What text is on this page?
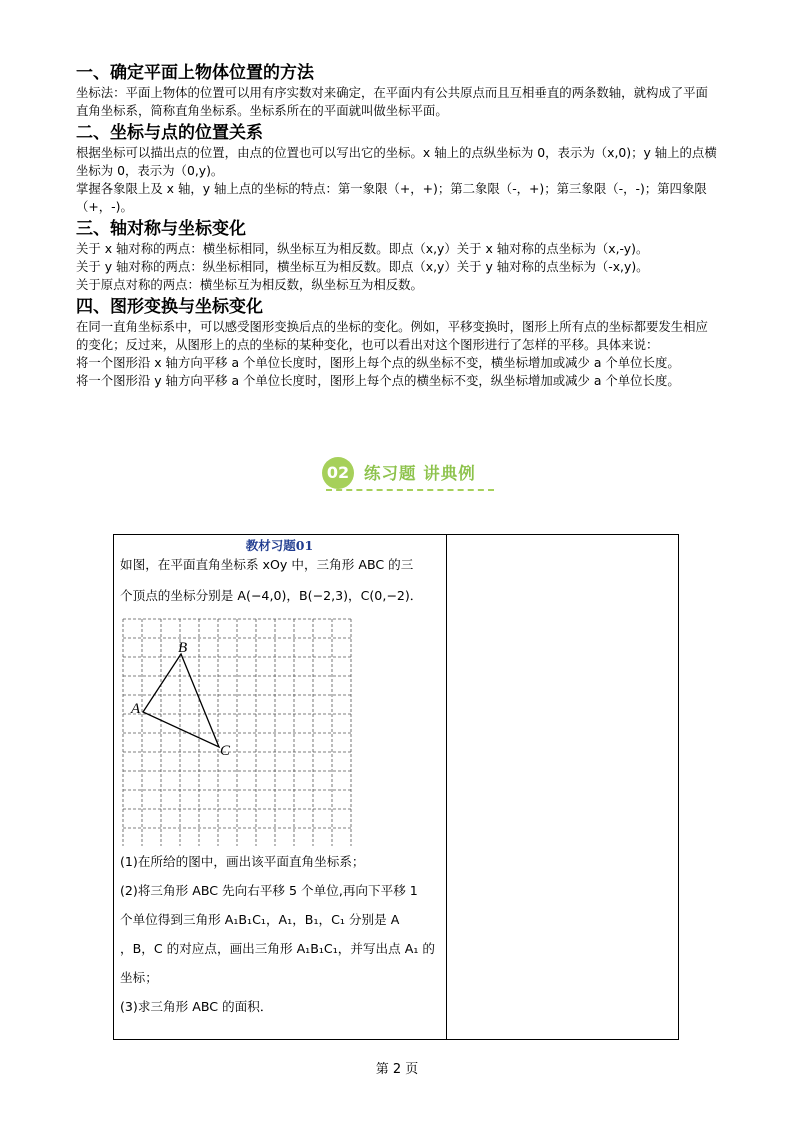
一、确定平面上物体位置的方法

坐标法：平面上物体的位置可以用有序实数对来确定，在平面内有公共原点而且互相垂直的两条数轴，就构成了平面直角坐标系，简称直角坐标系。坐标系所在的平面就叫做坐标平面。

二、坐标与点的位置关系

根据坐标可以描出点的位置，由点的位置也可以写出它的坐标。x 轴上的点纵坐标为 0，表示为（x,0)；y 轴上的点横坐标为 0，表示为（0,y)。

掌握各象限上及 x 轴，y 轴上点的坐标的特点：第一象限（+，+)；第二象限（-，+)；第三象限（-，-)；第四象限（+，-)。

三、轴对称与坐标变化

关于 x 轴对称的两点：横坐标相同，纵坐标互为相反数。即点（x,y）关于 x 轴对称的点坐标为（x,-y)。

关于 y 轴对称的两点：纵坐标相同，横坐标互为相反数。即点（x,y）关于 y 轴对称的点坐标为（-x,y)。

关于原点对称的两点：横坐标互为相反数，纵坐标互为相反数。

四、图形变换与坐标变化

在同一直角坐标系中，可以感受图形变换后点的坐标的变化。例如，平移变换时，图形上所有点的坐标都要发生相应的变化；反过来，从图形上的点的坐标的某种变化，也可以看出对这个图形进行了怎样的平移。具体来说：

将一个图形沿 x 轴方向平移 a 个单位长度时，图形上每个点的纵坐标不变，横坐标增加或减少 a 个单位长度。

将一个图形沿 y 轴方向平移 a 个单位长度时，图形上每个点的横坐标不变，纵坐标增加或减少 a 个单位长度。

02 练习题 讲典例
教材习题01
如图，在平面直角坐标系 xOy 中，三角形 ABC 的三
个顶点的坐标分别是 A(−4,0)，B(−2,3)，C(0,−2)．
A
B
C
(1)在所给的图中，画出该平面直角坐标系；
(2)将三角形 ABC 先向右平移 5 个单位,再向下平移 1
个单位得到三角形 A₁B₁C₁，A₁，B₁，C₁ 分别是 A
，B，C 的对应点，画出三角形 A₁B₁C₁，并写出点 A₁ 的
坐标；
(3)求三角形 ABC 的面积．
第 2 页
